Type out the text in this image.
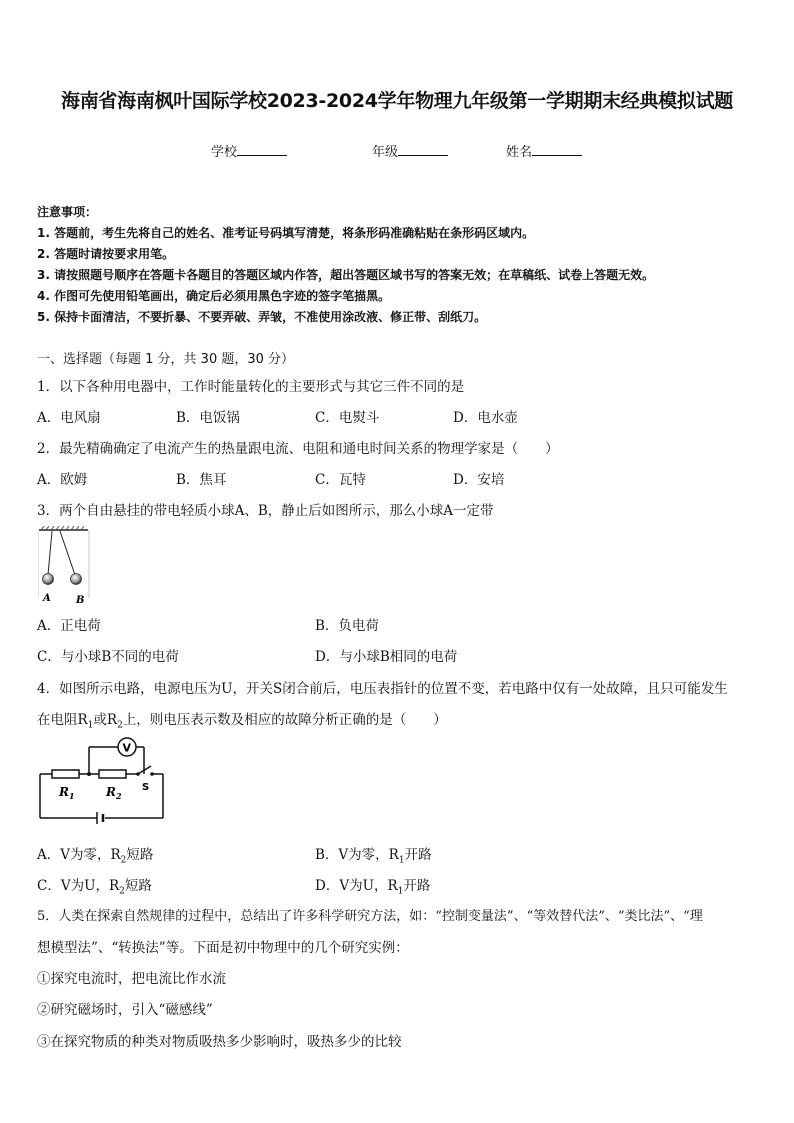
海南省海南枫叶国际学校2023-2024学年物理九年级第一学期期末经典模拟试题
学校	年级	姓名
注意事项：
1. 答题前，考生先将自己的姓名、准考证号码填写清楚，将条形码准确粘贴在条形码区域内。
2. 答题时请按要求用笔。
3. 请按照题号顺序在答题卡各题目的答题区域内作答，超出答题区域书写的答案无效；在草稿纸、试卷上答题无效。
4. 作图可先使用铅笔画出，确定后必须用黑色字迹的签字笔描黑。
5. 保持卡面清洁，不要折暴、不要弄破、弄皱，不准使用涂改液、修正带、刮纸刀。
一、选择题（每题 1 分，共 30 题，30 分）
1．以下各种用电器中，工作时能量转化的主要形式与其它三件不同的是
A．电风扇	B．电饭锅	C．电熨斗	D．电水壶
2．最先精确确定了电流产生的热量跟电流、电阻和通电时间关系的物理学家是（　　）
A．欧姆	B．焦耳	C．瓦特	D．安培
3．两个自由悬挂的带电轻质小球A、B，静止后如图所示，那么小球A一定带
A	B
A．正电荷	B．负电荷
C．与小球B不同的电荷	D．与小球B相同的电荷
4．如图所示电路，电源电压为U，开关S闭合前后，电压表指针的位置不变，若电路中仅有一处故障，且只可能发生
在电阻$R_1$或$R_2$上，则电压表示数及相应的故障分析正确的是（　　）
V
$R_1$	$R_2$
S
A．V为零，$R_2$短路	B．V为零，$R_1$开路
C．V为U，$R_2$短路	D．V为U，$R_1$开路
5．人类在探索自然规律的过程中，总结出了许多科学研究方法，如：“控制变量法”、“等效替代法”、“类比法”、“理
想模型法”、“转换法”等。下面是初中物理中的几个研究实例：
①探究电流时，把电流比作水流
②研究磁场时，引入“磁感线”
③在探究物质的种类对物质吸热多少影响时，吸热多少的比较
